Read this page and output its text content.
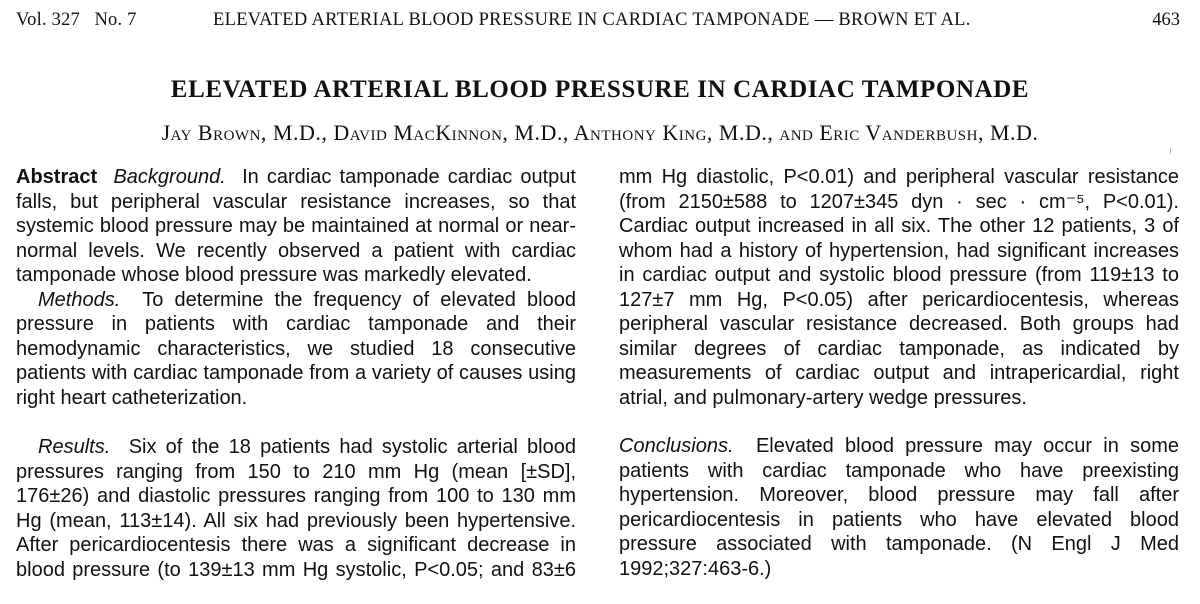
Vol. 327 No. 7	ELEVATED ARTERIAL BLOOD PRESSURE IN CARDIAC TAMPONADE — BROWN ET AL.	463
ELEVATED ARTERIAL BLOOD PRESSURE IN CARDIAC TAMPONADE
Jay Brown, M.D., David MacKinnon, M.D., Anthony King, M.D., and Eric Vanderbush, M.D.

Abstract Background. In cardiac tamponade cardiac output falls, but peripheral vascular resistance increases, so that systemic blood pressure may be maintained at normal or near-normal levels. We recently observed a patient with cardiac tamponade whose blood pressure was markedly elevated.

Methods. To determine the frequency of elevated blood pressure in patients with cardiac tamponade and their hemodynamic characteristics, we studied 18 consecutive patients with cardiac tamponade from a variety of causes using right heart catheterization.

Conclusions. Elevated blood pressure may occur in some patients with cardiac tamponade who have preexisting hypertension. Moreover, blood pressure may fall after pericardiocentesis in patients who have elevated blood pressure associated with tamponade. (N Engl J Med 1992;327:463-6.)

Results. Six of the 18 patients had systolic arterial blood pressures ranging from 150 to 210 mm Hg (mean [±SD], 176±26) and diastolic pressures ranging from 100 to 130 mm Hg (mean, 113±14). All six had previously been hypertensive. After pericardiocentesis there was a significant decrease in blood pressure (to 139±13 mm Hg systolic, P<0.05; and 83±6

mm Hg diastolic, P<0.01) and peripheral vascular resistance (from 2150±588 to 1207±345 dyn · sec · cm⁻⁵, P<0.01). Cardiac output increased in all six. The other 12 patients, 3 of whom had a history of hypertension, had significant increases in cardiac output and systolic blood pressure (from 119±13 to 127±7 mm Hg, P<0.05) after pericardiocentesis, whereas peripheral vascular resistance decreased. Both groups had similar degrees of cardiac tamponade, as indicated by measurements of cardiac output and intrapericardial, right atrial, and pulmonary-artery wedge pressures.
